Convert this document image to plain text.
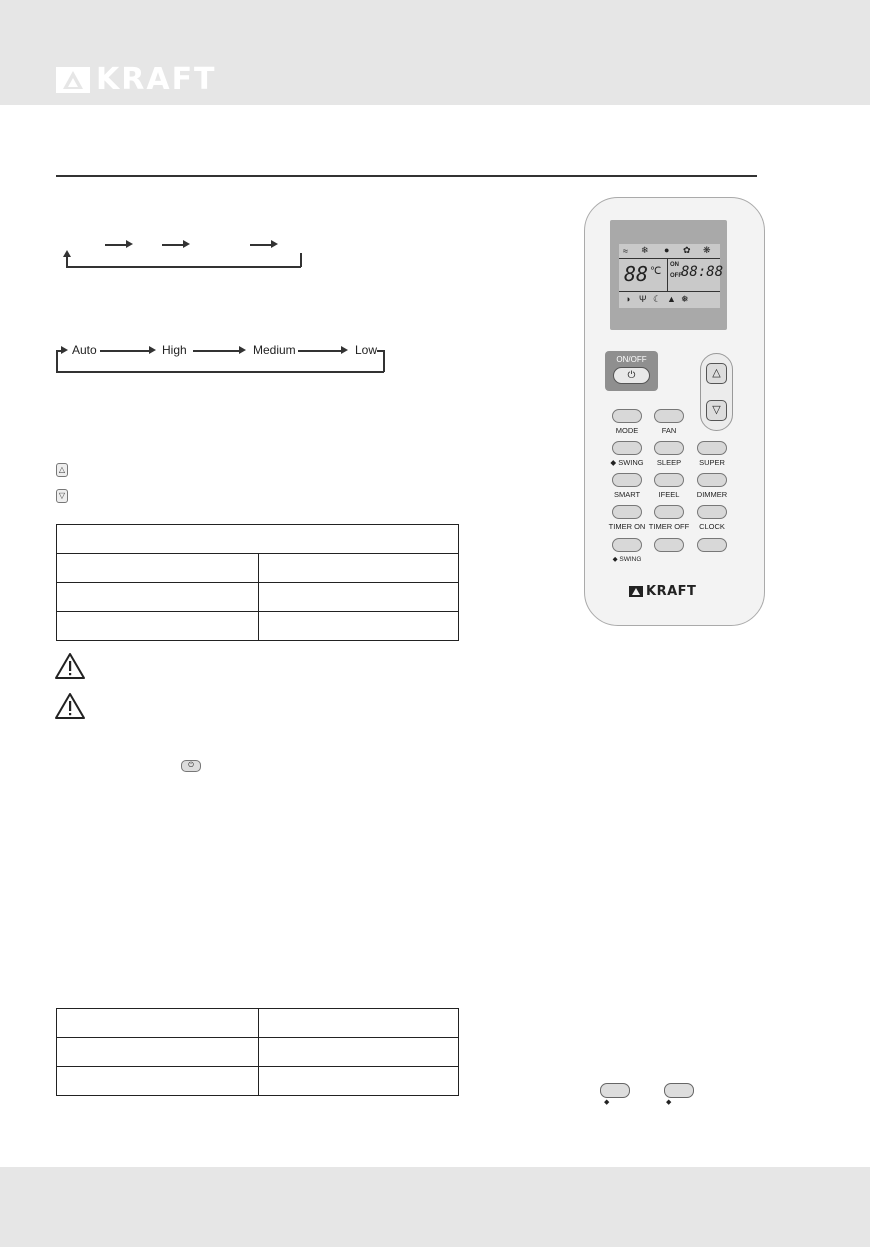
KRAFT
Auto	High	Medium	Low
△
▽

⏻

◆	◆
≈ ❄ ● ✿ ❋
88 ℃
ON
OFF 88:88
◑ Ψ ☾ ▲ ❅
ON/OFF
⏻	△
▽
MODE	FAN
◆ SWING	SLEEP	SUPER
SMART	IFEEL	DIMMER
TIMER ON TIMER OFF	CLOCK
◆ SWING
KRAFT
